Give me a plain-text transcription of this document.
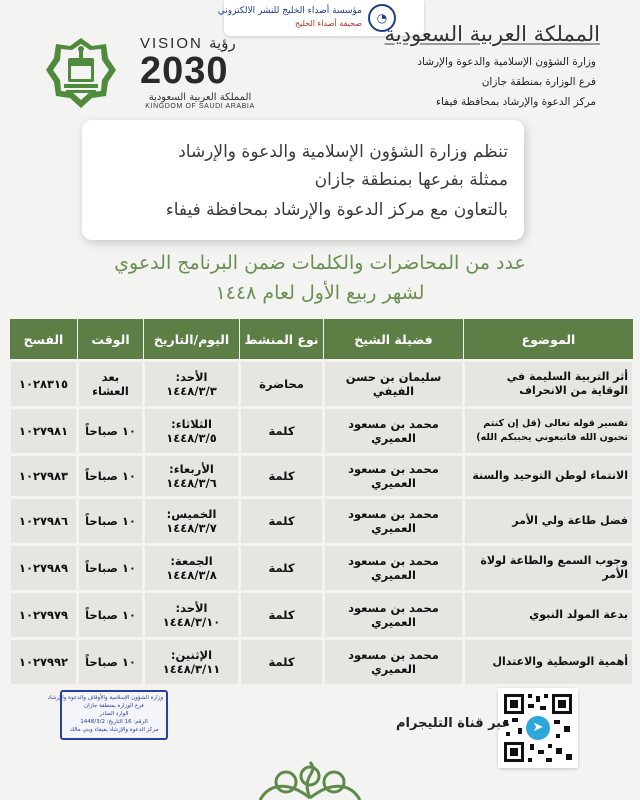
◔
مؤسسة أصداء الخليج للنشر الالكتروني
صحيفة أصداء الخليج
VISION رؤية
2030
المملكة العربية السعودية
KINGDOM OF SAUDI ARABIA
المملكة العربية السعودية
وزارة الشؤون الإسلامية والدعوة والإرشاد
فرع الوزارة بمنطقة جازان
مركز الدعوة والإرشاد بمحافظة فيفاء
تنظم وزارة الشؤون الإسلامية والدعوة والإرشاد
ممثلة بفرعها بمنطقة جازان
بالتعاون مع مركز الدعوة والإرشاد بمحافظة فيفاء
عدد من المحاضرات والكلمات ضمن البرنامج الدعوي
لشهر ربيع الأول لعام ١٤٤٨
الموضوع	فضيلة الشيخ	نوع المنشط	اليوم/التاريخ	الوقت	الفسح
أثر التربية السليمة في الوقاية من الانحراف	سليمان بن حسن الفيفي	محاضرة	الأحد: ١٤٤٨/٣/٣	بعد العشاء	١٠٢٨٣١٥
تفسير قوله تعالى (قل إن كنتم تحبون الله فاتبعوني يحببكم الله)	محمد بن مسعود العميري	كلمة	الثلاثاء: ١٤٤٨/٣/٥	١٠ صباحاً	١٠٢٧٩٨١
الانتماء لوطن التوحيد والسنة	محمد بن مسعود العميري	كلمة	الأربعاء: ١٤٤٨/٣/٦	١٠ صباحاً	١٠٢٧٩٨٣
فضل طاعة ولي الأمر	محمد بن مسعود العميري	كلمة	الخميس: ١٤٤٨/٣/٧	١٠ صباحاً	١٠٢٧٩٨٦
وجوب السمع والطاعة لولاة الأمر	محمد بن مسعود العميري	كلمة	الجمعة: ١٤٤٨/٣/٨	١٠ صباحاً	١٠٢٧٩٨٩
بدعة المولد النبوي	محمد بن مسعود العميري	كلمة	الأحد: ١٤٤٨/٣/١٠	١٠ صباحاً	١٠٢٧٩٧٩
أهمية الوسطية والاعتدال	محمد بن مسعود العميري	كلمة	الإثنين: ١٤٤٨/٣/١١	١٠ صباحاً	١٠٢٧٩٩٢
وزارة الشؤون الإسلامية والأوقاف والدعوة والإرشاد
فرع الوزارة بمنطقة جازان
الوارد الصادر
الرقم: 16 التاريخ: 1448/3/2
مركز الدعوة والإرشاد بفيفاء وبني مالك	➤
عبر قناة التليجرام
